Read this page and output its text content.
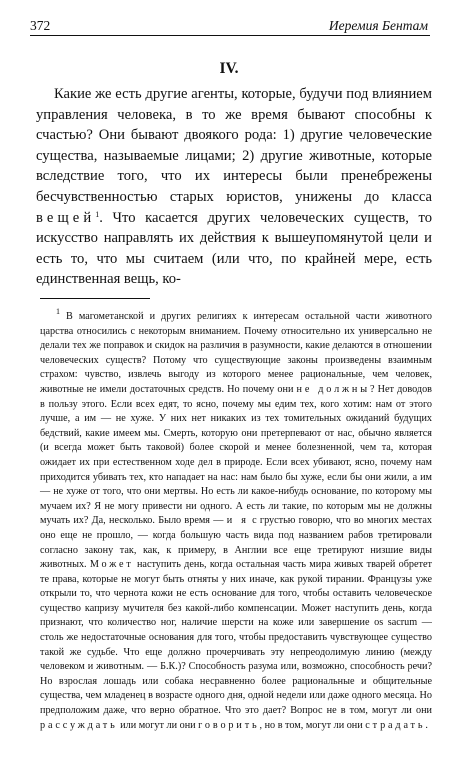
372	Иеремия Бентам
IV.

Какие же есть другие агенты, которые, будучи под влиянием управления человека, в то же время бывают способны к счастью? Они бывают двоякого рода: 1) другие человеческие существа, называемые лицами; 2) другие животные, которые вследствие того, что их интересы были пренебрежены бесчувственностью старых юристов, унижены до класса вещей$^1$. Что касается других человеческих существ, то искусство направлять их действия к вышеупомянутой цели и есть то, что мы считаем (или что, по крайней мере, есть единственная вещь, ко-

$^1$ В магометанской и других религиях к интересам остальной части животного царства относились с некоторым вниманием. Почему относительно их универсально не делали тех же поправок и скидок на различия в разумности, какие делаются в отношении человеческих существ? Потому что существующие законы произведены взаимным страхом: чувство, извлечь выгоду из которого менее рациональные, чем человек, животные не имели достаточных средств. Но почему они не должны? Нет доводов в пользу этого. Если всех едят, то ясно, почему мы едим тех, кого хотим: нам от этого лучше, а им — не хуже. У них нет никаких из тех томительных ожиданий будущих бедствий, какие имеем мы. Смерть, которую они претерпевают от нас, обычно является (и всегда может быть таковой) более скорой и менее болезненной, чем та, которая ожидает их при естественном ходе дел в природе. Если всех убивают, ясно, почему нам приходится убивать тех, кто нападает на нас: нам было бы хуже, если бы они жили, а им — не хуже от того, что они мертвы. Но есть ли какое-нибудь основание, по которому мы мучаем их? Я не могу привести ни одного. А есть ли такие, по которым мы не должны мучать их? Да, несколько. Было время — и я с грустью говорю, что во многих местах оно еще не прошло, — когда большую часть вида под названием рабов третировали согласно закону так, как, к примеру, в Англии все еще третируют низшие виды животных. Может наступить день, когда остальная часть мира живых тварей обретет те права, которые не могут быть отняты у них иначе, как рукой тирании. Французы уже открыли то, что чернота кожи не есть основание для того, чтобы оставить человеческое существо капризу мучителя без какой-либо компенсации. Может наступить день, когда признают, что количество ног, наличие шерсти на коже или завершение os sacrum — столь же недостаточные основания для того, чтобы предоставить чувствующее существо такой же судьбе. Что еще должно прочерчивать эту непреодолимую линию (между человеком и животным. — Б.К.)? Способность разума или, возможно, способность речи? Но взрослая лошадь или собака несравненно более рациональные и общительные существа, чем младенец в возрасте одного дня, одной недели или даже одного месяца. Но предположим даже, что верно обратное. Что это дает? Вопрос не в том, могут ли они рассуждать или могут ли они говорить, но в том, могут ли они страдать.
